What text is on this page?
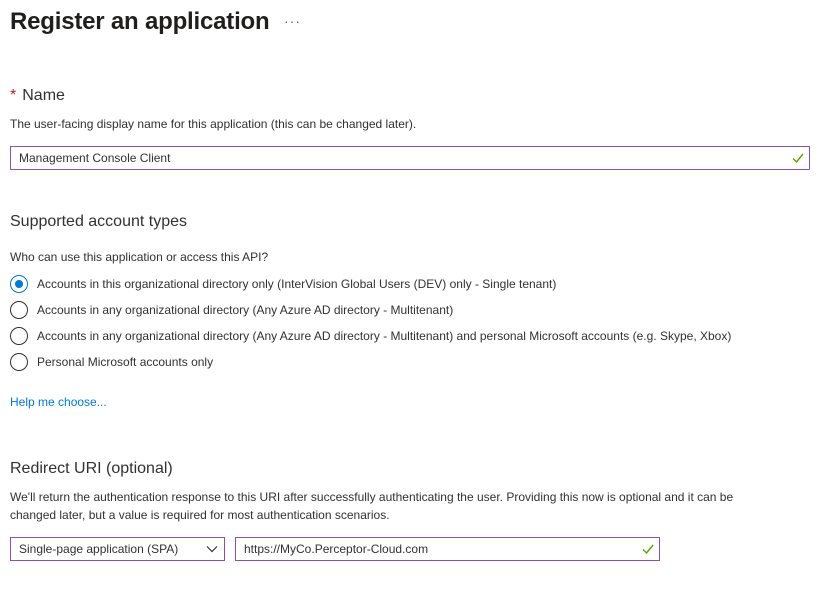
Register an application ···
* Name
The user-facing display name for this application (this can be changed later).
Management Console Client
Supported account types
Who can use this application or access this API?
Accounts in this organizational directory only (InterVision Global Users (DEV) only - Single tenant)
Accounts in any organizational directory (Any Azure AD directory - Multitenant)
Accounts in any organizational directory (Any Azure AD directory - Multitenant) and personal Microsoft accounts (e.g. Skype, Xbox)
Personal Microsoft accounts only
Help me choose...
Redirect URI (optional)
We'll return the authentication response to this URI after successfully authenticating the user. Providing this now is optional and it can be
changed later, but a value is required for most authentication scenarios.
Single-page application (SPA)	https://MyCo.Perceptor-Cloud.com
